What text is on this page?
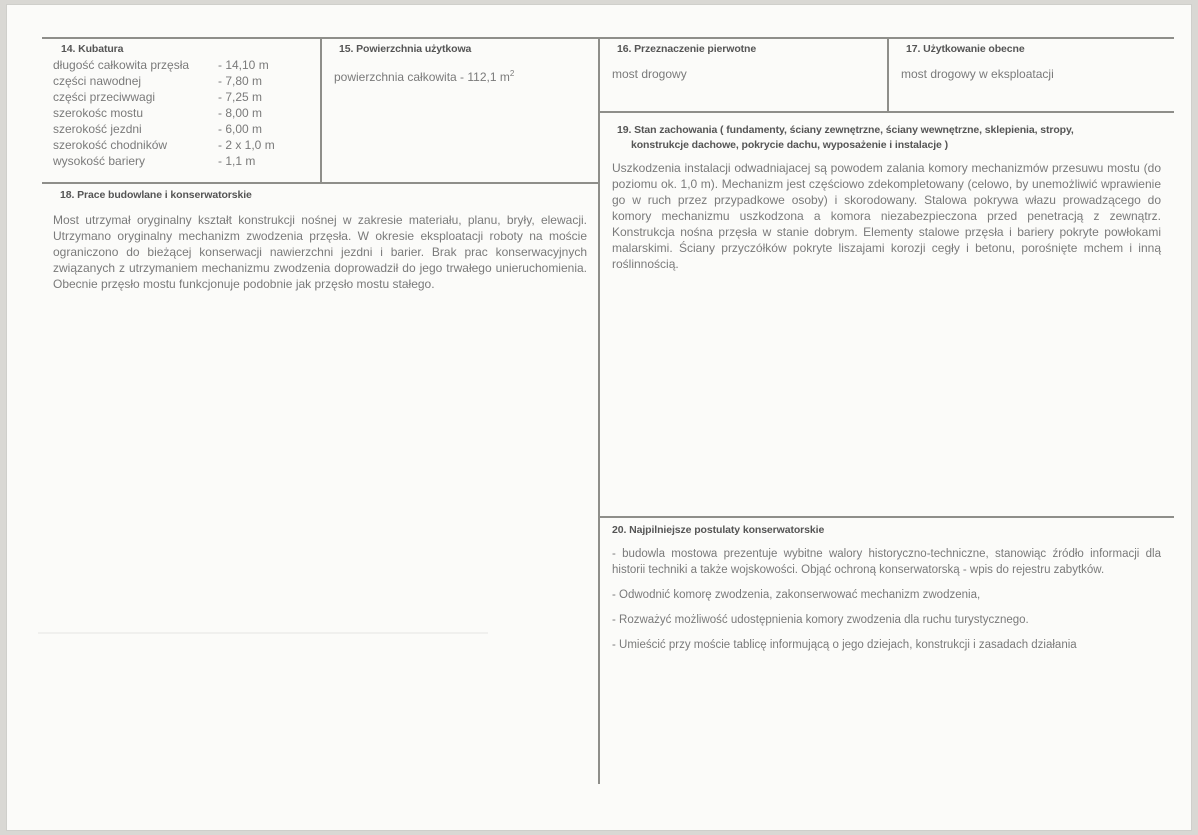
14. Kubatura
długość całkowita przęsła - 14,10 m
części nawodnej	- 7,80 m
części przeciwwagi	- 7,25 m
szerokośc mostu	- 8,00 m
szerokość jezdni	- 6,00 m
szerokość chodników	- 2 x 1,0 m
wysokość bariery	- 1,1 m
15. Powierzchnia użytkowa
powierzchnia całkowita - 112,1 $m^2$
16. Przeznaczenie pierwotne
most drogowy
17. Użytkowanie obecne
most drogowy w eksploatacji
18. Prace budowlane i konserwatorskie
Most utrzymał oryginalny kształt konstrukcji nośnej w zakresie materiału, planu, bryły, elewacji. Utrzymano oryginalny mechanizm zwodzenia przęsła. W okresie eksploatacji roboty na moście ograniczono do bieżącej konserwacji nawierzchni jezdni i barier. Brak prac konserwacyjnych związanych z utrzymaniem mechanizmu zwodzenia doprowadził do jego trwałego unieruchomienia. Obecnie przęsło mostu funkcjonuje podobnie jak przęsło mostu stałego.
19. Stan zachowania ( fundamenty, ściany zewnętrzne, ściany wewnętrzne, sklepienia, stropy,
konstrukcje dachowe, pokrycie dachu, wyposażenie i instalacje )
Uszkodzenia instalacji odwadniajacej są powodem zalania komory mechanizmów przesuwu mostu (do poziomu ok. 1,0 m). Mechanizm jest częściowo zdekompletowany (celowo, by unemożliwić wprawienie go w ruch przez przypadkowe osoby) i skorodowany. Stalowa pokrywa włazu prowadzącego do komory mechanizmu uszkodzona a komora niezabezpieczona przed penetracją z zewnątrz. Konstrukcja nośna przęsła w stanie dobrym. Elementy stalowe przęsła i bariery pokryte powłokami malarskimi. Ściany przyczółków pokryte liszajami korozji cegły i betonu, porośnięte mchem i inną roślinnością.
20. Najpilniejsze postulaty konserwatorskie
- budowla mostowa prezentuje wybitne walory historyczno-techniczne, stanowiąc źródło informacji dla historii techniki a także wojskowości. Objąć ochroną konserwatorską - wpis do rejestru zabytków.
- Odwodnić komorę zwodzenia, zakonserwować mechanizm zwodzenia,
- Rozważyć możliwość udostępnienia komory zwodzenia dla ruchu turystycznego.
- Umieścić przy moście tablicę informującą o jego dziejach, konstrukcji i zasadach działania
